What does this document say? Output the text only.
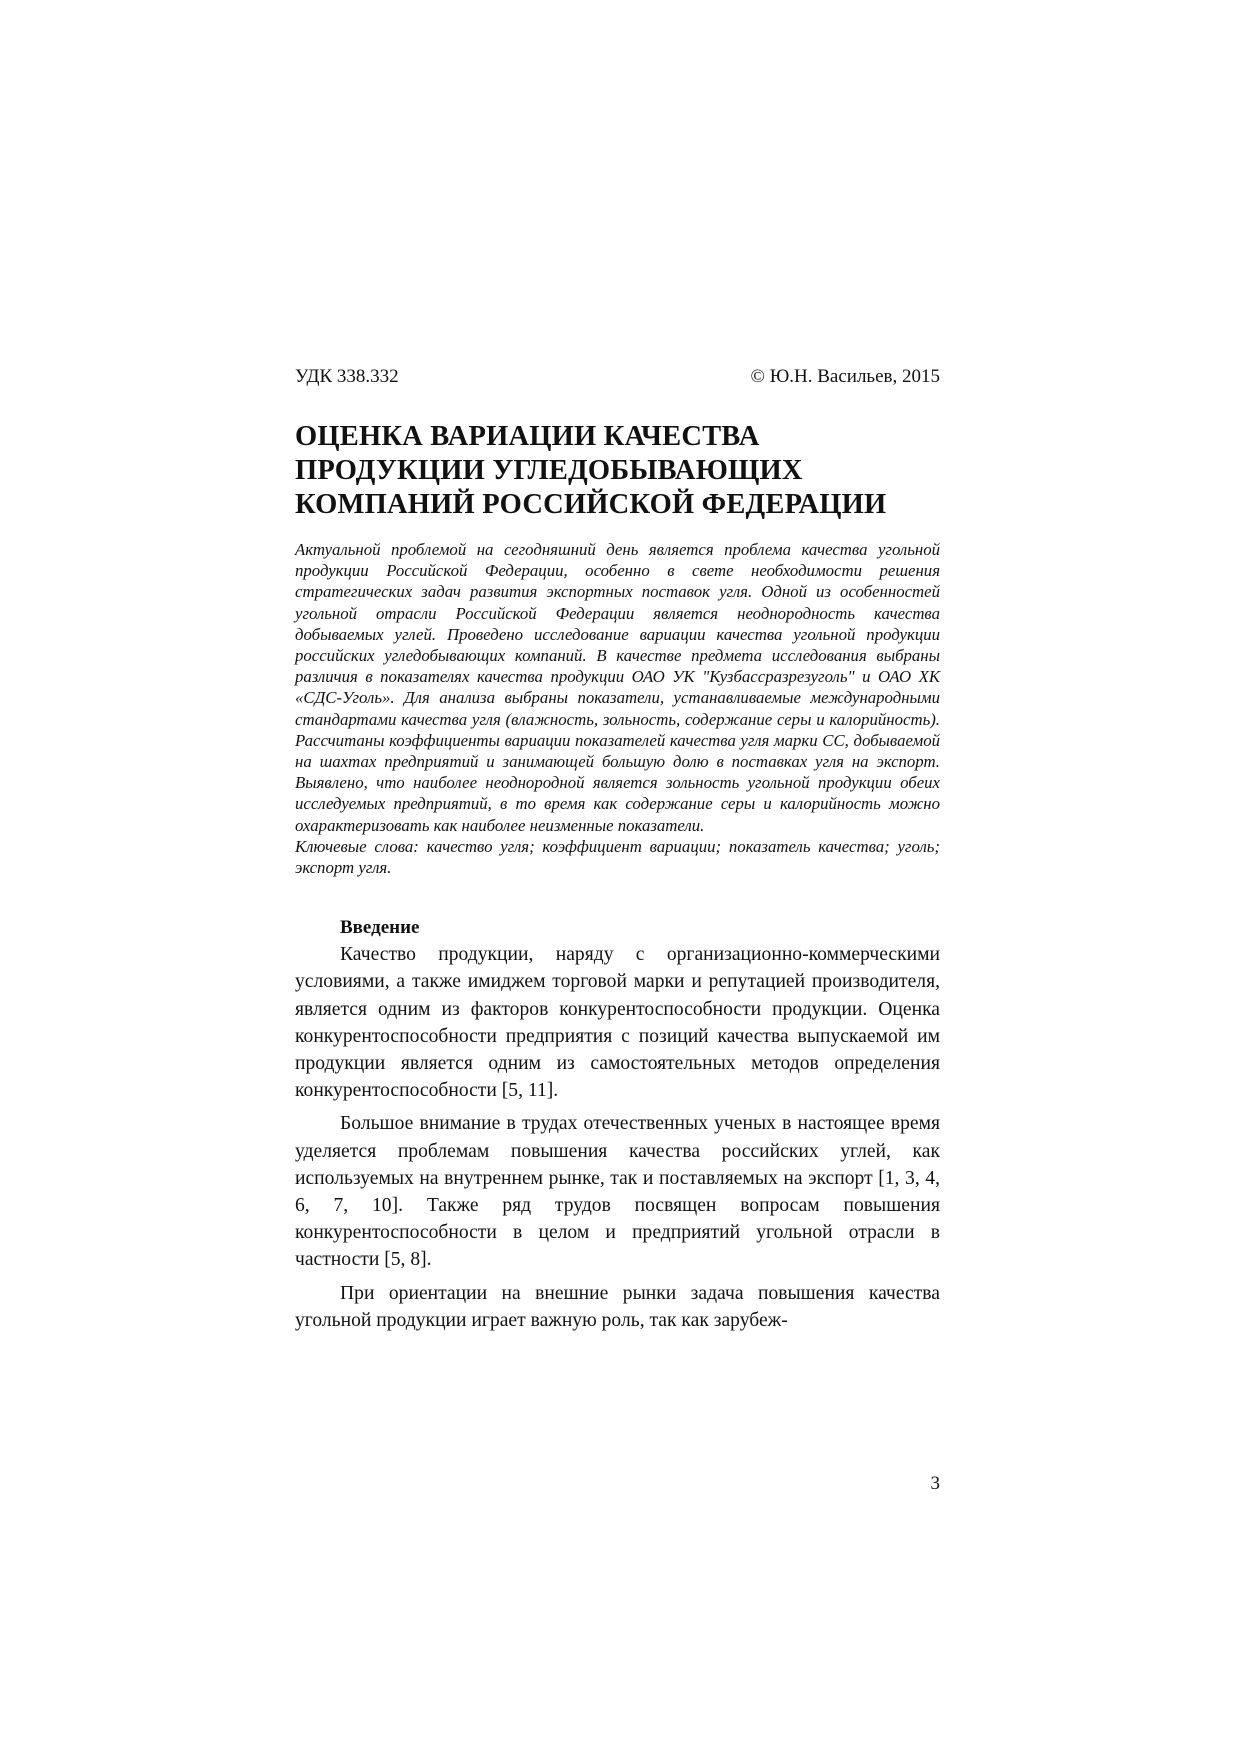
УДК 338.332	© Ю.Н. Васильев, 2015
ОЦЕНКА ВАРИАЦИИ КАЧЕСТВА
ПРОДУКЦИИ УГЛЕДОБЫВАЮЩИХ
КОМПАНИЙ РОССИЙСКОЙ ФЕДЕРАЦИИ

Актуальной проблемой на сегодняшний день является проблема качества угольной продукции Российской Федерации, особенно в свете необходимости решения стратегических задач развития экспортных поставок угля. Одной из особенностей угольной отрасли Российской Федерации является неоднородность качества добываемых углей. Проведено исследование вариации качества угольной продукции российских угледобывающих компаний. В качестве предмета исследования выбраны различия в показателях качества продукции ОАО УК "Кузбассразрезуголь" и ОАО ХК «СДС-Уголь». Для анализа выбраны показатели, устанавливаемые международными стандартами качества угля (влажность, зольность, содержание серы и калорийность). Рассчитаны коэффициенты вариации показателей качества угля марки СС, добываемой на шахтах предприятий и занимающей большую долю в поставках угля на экспорт. Выявлено, что наиболее неоднородной является зольность угольной продукции обеих исследуемых предприятий, в то время как содержание серы и калорийность можно охарактеризовать как наиболее неизменные показатели.

Ключевые слова: качество угля; коэффициент вариации; показатель качества; уголь; экспорт угля.

Введение

Качество продукции, наряду с организационно-коммерческими условиями, а также имиджем торговой марки и репутацией производителя, является одним из факторов конкурентоспособности продукции. Оценка конкурентоспособности предприятия с позиций качества выпускаемой им продукции является одним из самостоятельных методов определения конкурентоспособности [5, 11].

Большое внимание в трудах отечественных ученых в настоящее время уделяется проблемам повышения качества российских углей, как используемых на внутреннем рынке, так и поставляемых на экспорт [1, 3, 4, 6, 7, 10]. Также ряд трудов посвящен вопросам повышения конкурентоспособности в целом и предприятий угольной отрасли в частности [5, 8].

При ориентации на внешние рынки задача повышения качества угольной продукции играет важную роль, так как зарубеж-

3
